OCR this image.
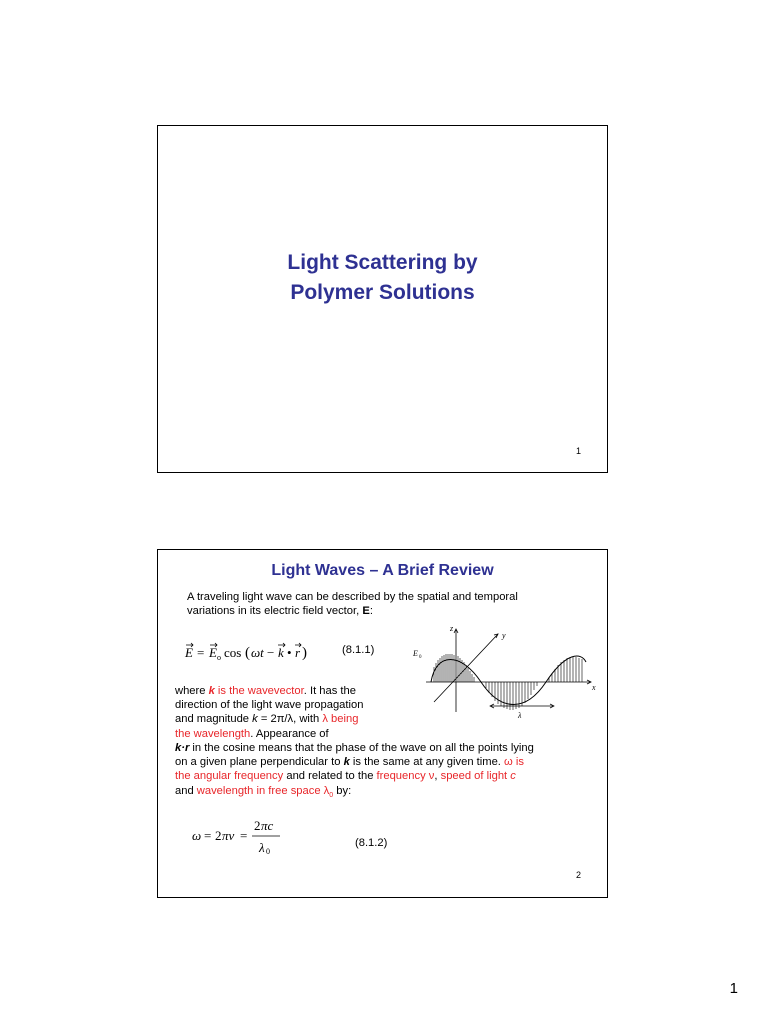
Light Scattering by
Polymer Solutions
1
Light Waves – A Brief Review
A traveling light wave can be described by the spatial and temporal
variations in its electric field vector, E:
E = E o cos ( ωt − k • r )	(8.1.1)
z
y
x
λ
E 0
where k is the wavevector. It has the
direction of the light wave propagation
and magnitude k = 2π/λ, with λ being
the wavelength. Appearance of
k·r in the cosine means that the phase of the wave on all the points lying
on a given plane perpendicular to k is the same at any given time. ω is
the angular frequency and related to the frequency ν, speed of light c
and wavelength in free space $\lambda_0$ by:
ω = 2 πν =
2 πc
λ 0
(8.1.2)
2
1
